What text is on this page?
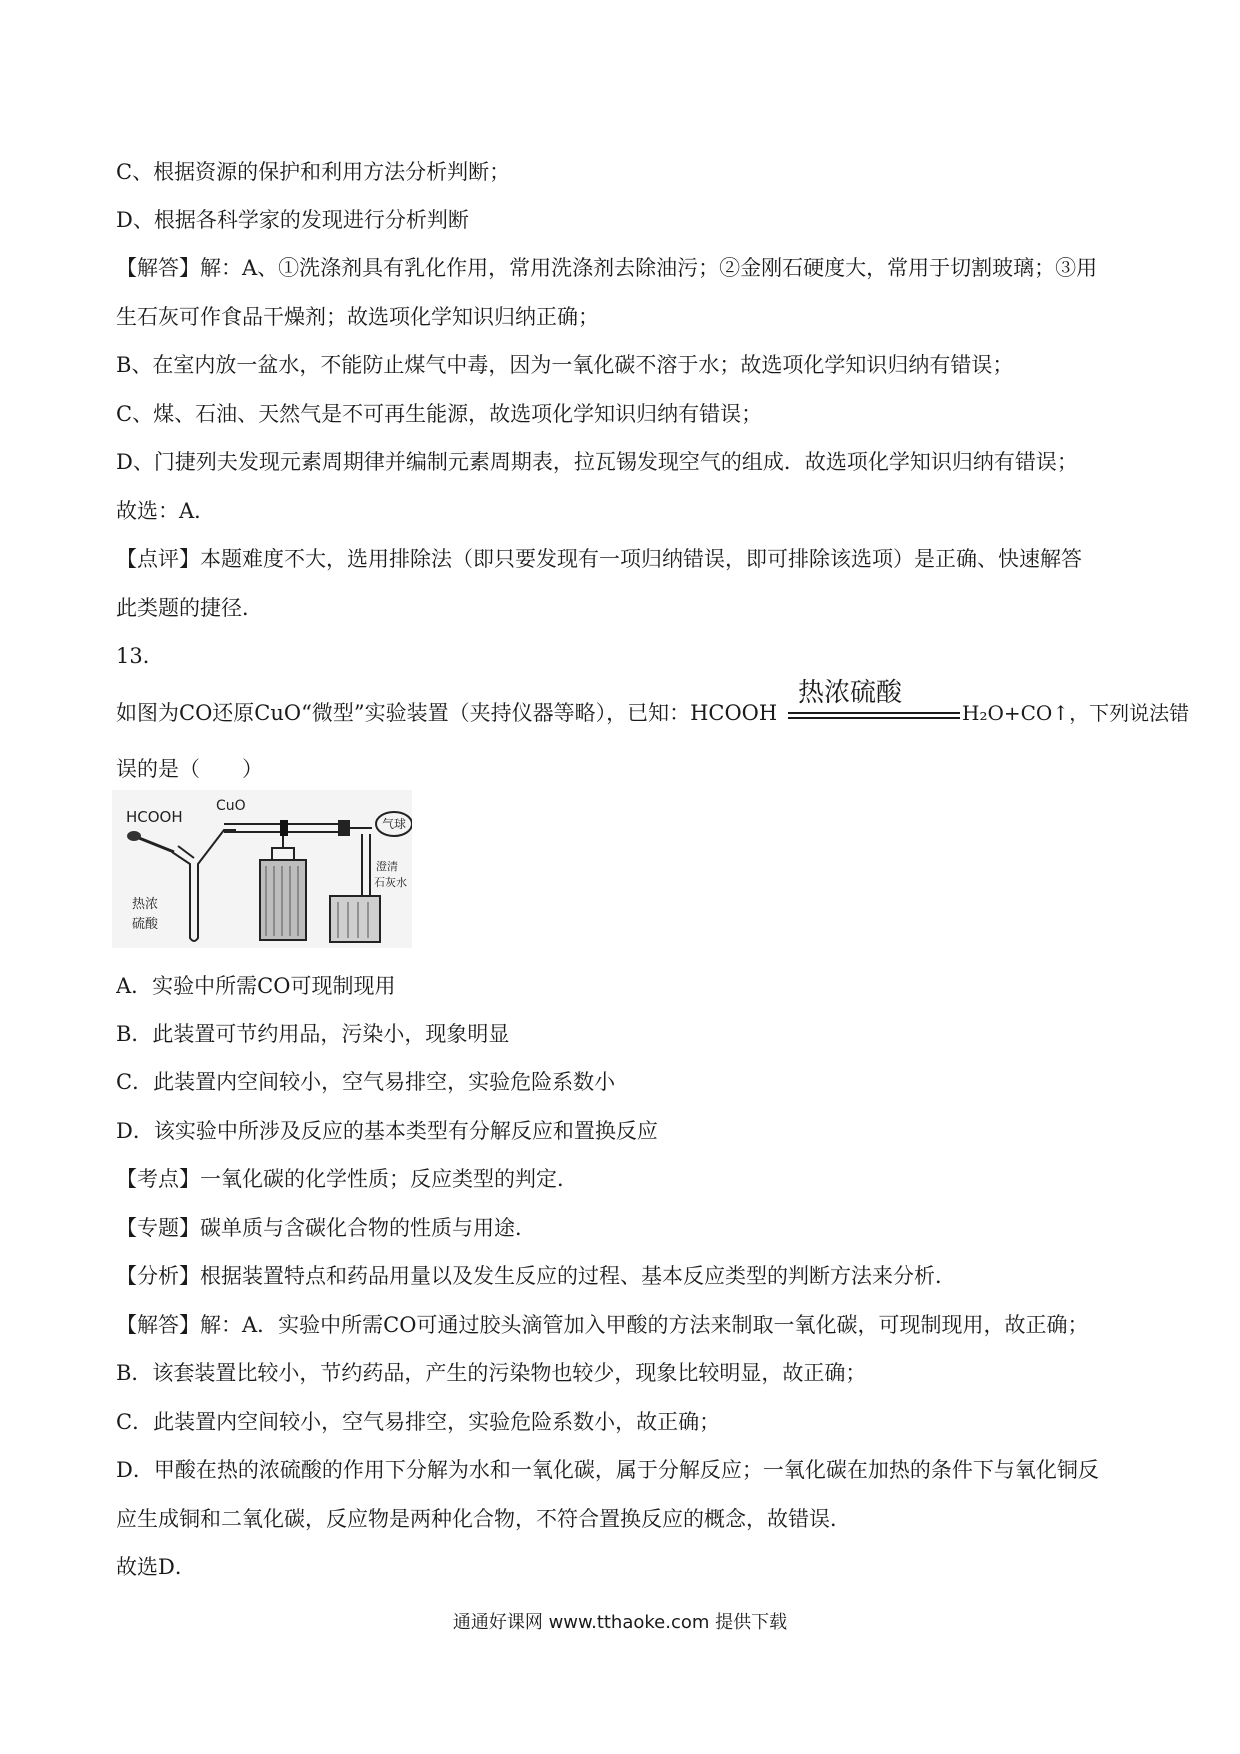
C、根据资源的保护和利用方法分析判断；
D、根据各科学家的发现进行分析判断
【解答】解：A、①洗涤剂具有乳化作用，常用洗涤剂去除油污；②金刚石硬度大，常用于切割玻璃；③用
生石灰可作食品干燥剂；故选项化学知识归纳正确；
B、在室内放一盆水，不能防止煤气中毒，因为一氧化碳不溶于水；故选项化学知识归纳有错误；
C、煤、石油、天然气是不可再生能源，故选项化学知识归纳有错误；
D、门捷列夫发现元素周期律并编制元素周期表，拉瓦锡发现空气的组成．故选项化学知识归纳有错误；
故选：A．
【点评】本题难度不大，选用排除法（即只要发现有一项归纳错误，即可排除该选项）是正确、快速解答
此类题的捷径．
13．
如图为CO还原CuO“微型”实验装置（夹持仪器等略），已知：HCOOH
热浓硫酸
H₂O+CO↑，下列说法错
误的是（　　）
HCOOH
CuO
气球
热浓
硫酸
澄清
石灰水
A．实验中所需CO可现制现用
B．此装置可节约用品，污染小，现象明显
C．此装置内空间较小，空气易排空，实验危险系数小
D．该实验中所涉及反应的基本类型有分解反应和置换反应
【考点】一氧化碳的化学性质；反应类型的判定．
【专题】碳单质与含碳化合物的性质与用途．
【分析】根据装置特点和药品用量以及发生反应的过程、基本反应类型的判断方法来分析．
【解答】解：A．实验中所需CO可通过胶头滴管加入甲酸的方法来制取一氧化碳，可现制现用，故正确；
B．该套装置比较小，节约药品，产生的污染物也较少，现象比较明显，故正确；
C．此装置内空间较小，空气易排空，实验危险系数小，故正确；
D．甲酸在热的浓硫酸的作用下分解为水和一氧化碳，属于分解反应；一氧化碳在加热的条件下与氧化铜反
应生成铜和二氧化碳，反应物是两种化合物，不符合置换反应的概念，故错误．
故选D．
通通好课网 www.tthaoke.com 提供下载
